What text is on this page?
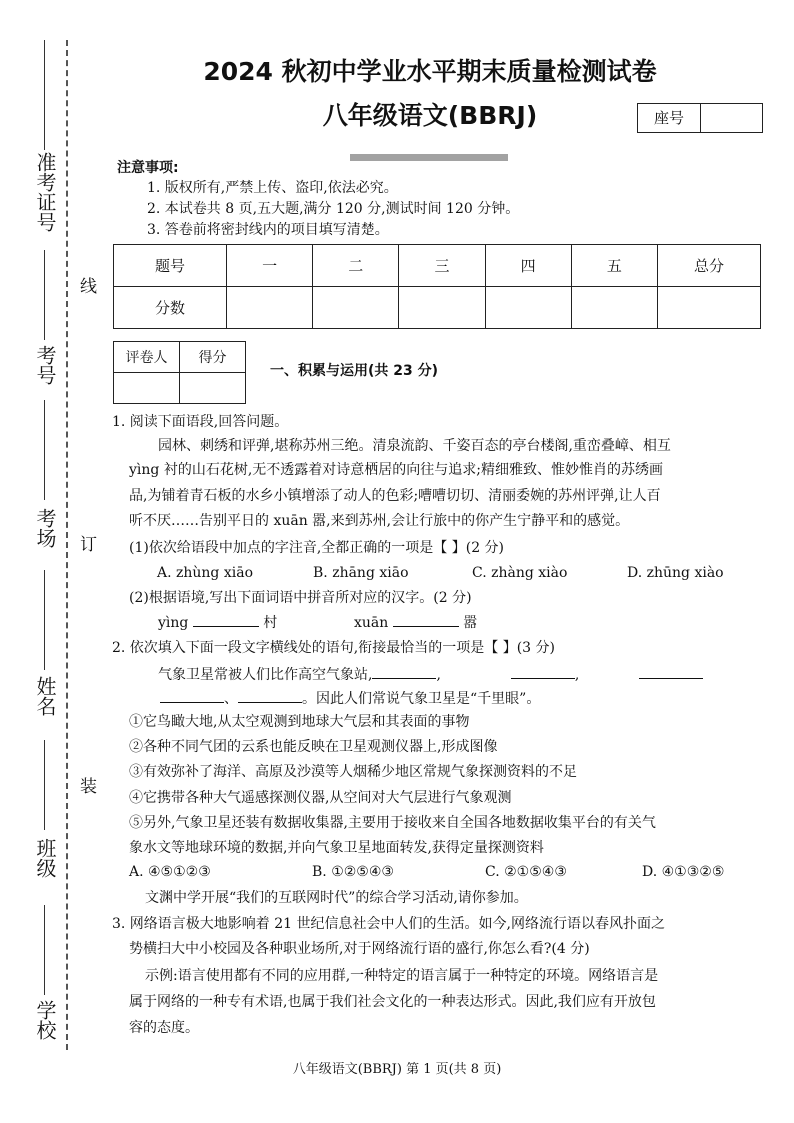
准考证号
考号
考场
姓名
班级
学校
线
订
装
2024 秋初中学业水平期末质量检测试卷
八年级语文(BBRJ)	座号
注意事项:
1. 版权所有,严禁上传、盗印,依法必究。
2. 本试卷共 8 页,五大题,满分 120 分,测试时间 120 分钟。
3. 答卷前将密封线内的项目填写清楚。
题号	一	二	三	四	五	总分
分数						
评卷人	得分

一、积累与运用(共 23 分)
1. 阅读下面语段,回答问题。
园林、刺绣和评弹,堪称苏州三绝。清泉流韵、千姿百态的亭台楼阁,重峦叠嶂、相互
yìng 衬的山石花树,无不透露着对诗意栖居的向往与追求;精细雅致、惟妙惟肖的苏绣画
品,为铺着青石板的水乡小镇增添了动人的色彩;嘈嘈切切、清丽委婉的苏州评弹,让人百
听不厌……告别平日的 xuān 嚣,来到苏州,会让行旅中的你产生宁静平和的感觉。
(1)依次给语段中加点的字注音,全都正确的一项是【 】(2 分)
A. zhùng xiāo	B. zhāng xiāo	C. zhàng xiào	D. zhūng xiào
(2)根据语境,写出下面词语中拼音所对应的汉字。(2 分)
yìng	村	xuān	嚣
2. 依次填入下面一段文字横线处的语句,衔接最恰当的一项是【 】(3 分)
气象卫星常被人们比作高空气象站,	,	,
、	。因此人们常说气象卫星是“千里眼”。
①它鸟瞰大地,从太空观测到地球大气层和其表面的事物
②各种不同气团的云系也能反映在卫星观测仪器上,形成图像
③有效弥补了海洋、高原及沙漠等人烟稀少地区常规气象探测资料的不足
④它携带各种大气遥感探测仪器,从空间对大气层进行气象观测
⑤另外,气象卫星还装有数据收集器,主要用于接收来自全国各地数据收集平台的有关气
象水文等地球环境的数据,并向气象卫星地面转发,获得定量探测资料
A. ④⑤①②③	B. ①②⑤④③	C. ②①⑤④③	D. ④①③②⑤
文渊中学开展“我们的互联网时代”的综合学习活动,请你参加。
3. 网络语言极大地影响着 21 世纪信息社会中人们的生活。如今,网络流行语以春风扑面之
势横扫大中小校园及各种职业场所,对于网络流行语的盛行,你怎么看?(4 分)
示例:语言使用都有不同的应用群,一种特定的语言属于一种特定的环境。网络语言是
属于网络的一种专有术语,也属于我们社会文化的一种表达形式。因此,我们应有开放包
容的态度。
八年级语文(BBRJ) 第 1 页(共 8 页)
